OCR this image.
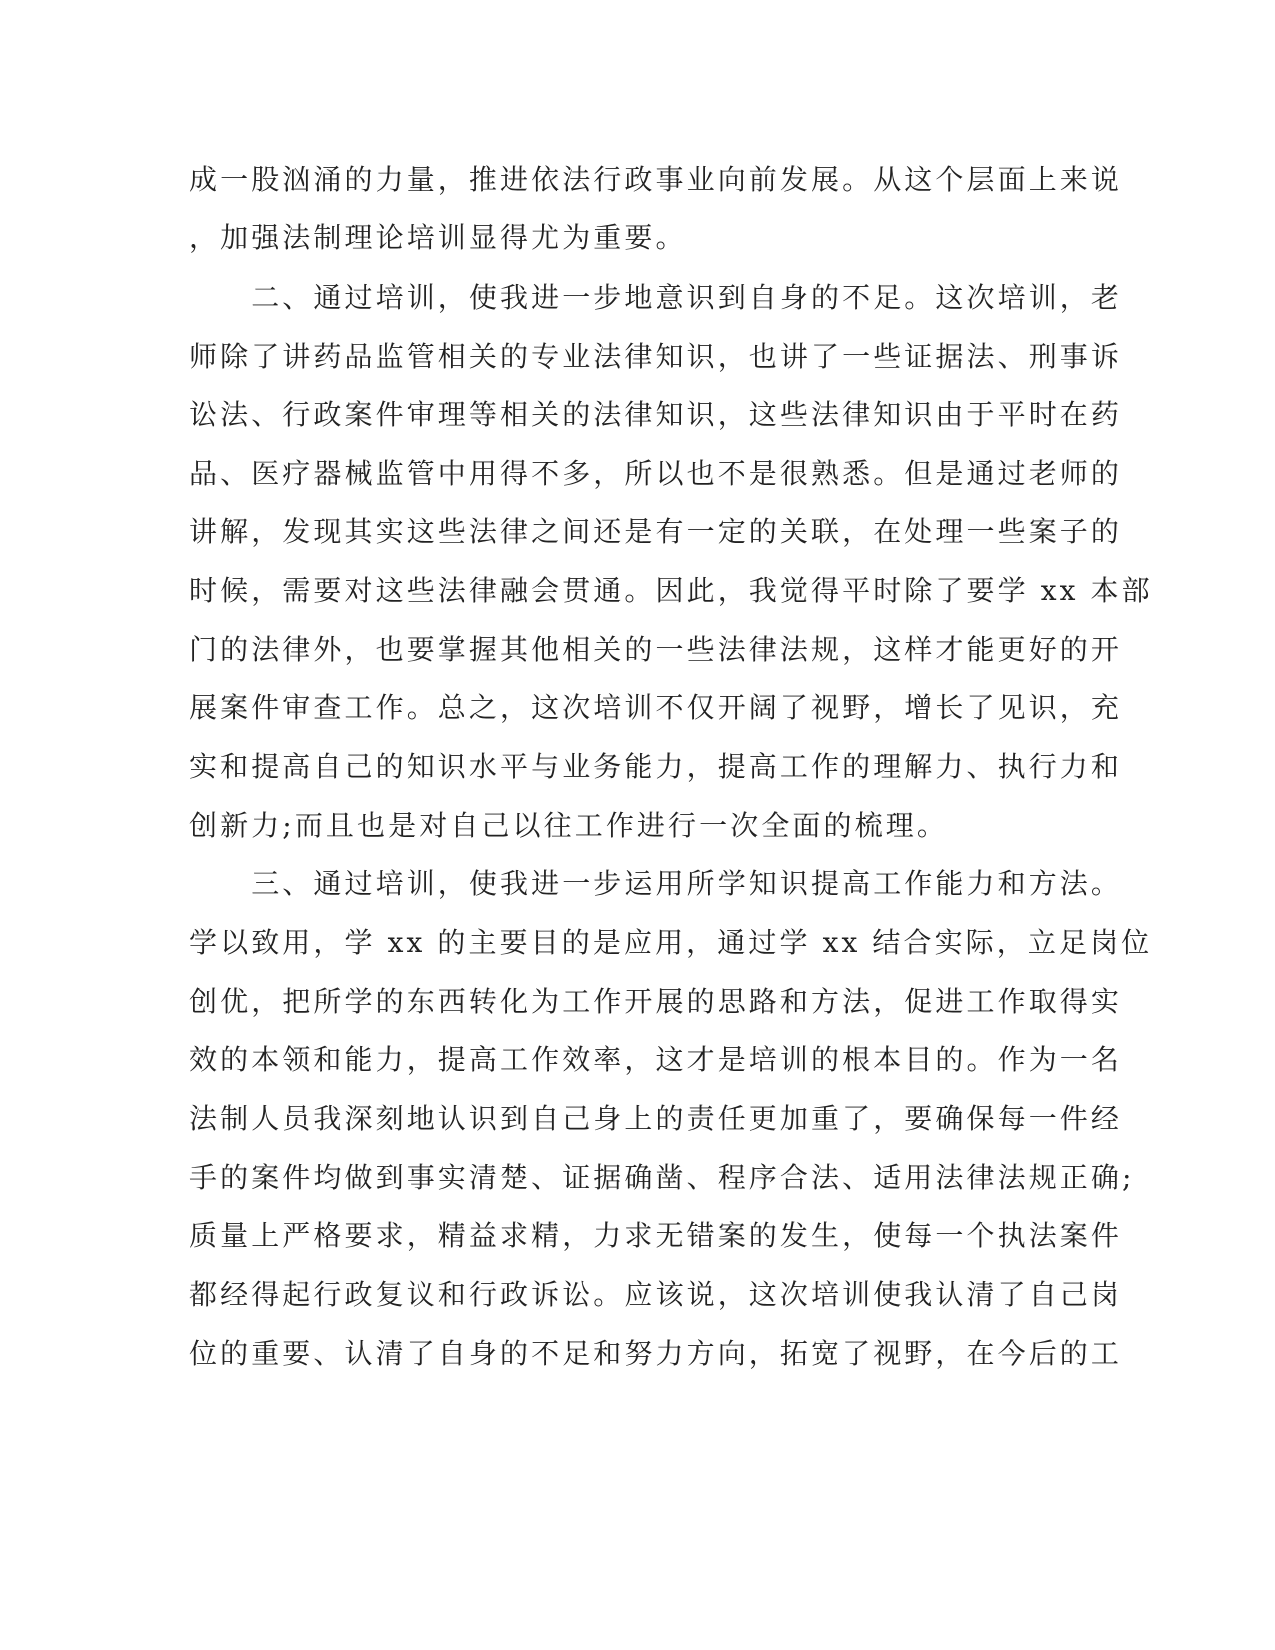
成一股汹涌的力量，推进依法行政事业向前发展。从这个层面上来说
，加强法制理论培训显得尤为重要。
　　二、通过培训，使我进一步地意识到自身的不足。这次培训，老
师除了讲药品监管相关的专业法律知识，也讲了一些证据法、刑事诉
讼法、行政案件审理等相关的法律知识，这些法律知识由于平时在药
品、医疗器械监管中用得不多，所以也不是很熟悉。但是通过老师的
讲解，发现其实这些法律之间还是有一定的关联，在处理一些案子的
时候，需要对这些法律融会贯通。因此，我觉得平时除了要学 xx 本部
门的法律外，也要掌握其他相关的一些法律法规，这样才能更好的开
展案件审查工作。总之，这次培训不仅开阔了视野，增长了见识，充
实和提高自己的知识水平与业务能力，提高工作的理解力、执行力和
创新力;而且也是对自己以往工作进行一次全面的梳理。
　　三、通过培训，使我进一步运用所学知识提高工作能力和方法。
学以致用，学 xx 的主要目的是应用，通过学 xx 结合实际，立足岗位
创优，把所学的东西转化为工作开展的思路和方法，促进工作取得实
效的本领和能力，提高工作效率，这才是培训的根本目的。作为一名
法制人员我深刻地认识到自己身上的责任更加重了，要确保每一件经
手的案件均做到事实清楚、证据确凿、程序合法、适用法律法规正确;
质量上严格要求，精益求精，力求无错案的发生，使每一个执法案件
都经得起行政复议和行政诉讼。应该说，这次培训使我认清了自己岗
位的重要、认清了自身的不足和努力方向，拓宽了视野，在今后的工
